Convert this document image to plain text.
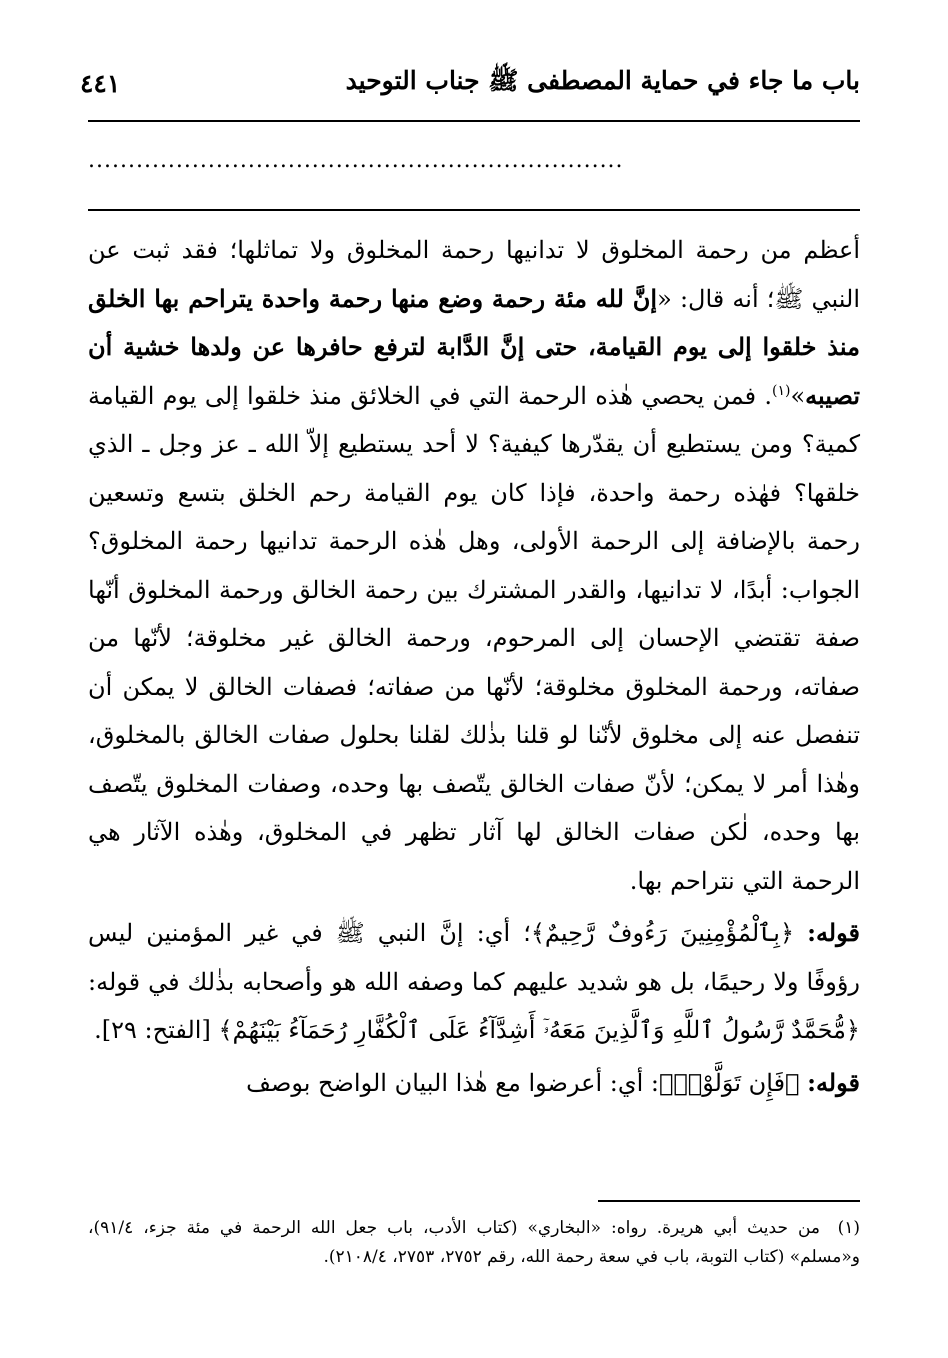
باب ما جاء في حماية المصطفى ﷺ جناب التوحيد
٤٤١
...................................................................

أعظم من رحمة المخلوق لا تدانيها رحمة المخلوق ولا تماثلها؛ فقد ثبت عن النبي ﷺ؛ أنه قال: «إنَّ لله مئة رحمة وضع منها رحمة واحدة يتراحم بها الخلق منذ خلقوا إلى يوم القيامة، حتى إنَّ الدَّابة لترفع حافرها عن ولدها خشية أن تصيبه»$^{(١)}$. فمن يحصي هٰذه الرحمة التي في الخلائق منذ خلقوا إلى يوم القيامة كمية؟ ومن يستطيع أن يقدّرها كيفية؟ لا أحد يستطيع إلاّ الله ـ عز وجل ـ الذي خلقها؟ فهٰذه رحمة واحدة، فإذا كان يوم القيامة رحم الخلق بتسع وتسعين رحمة بالإضافة إلى الرحمة الأولى، وهل هٰذه الرحمة تدانيها رحمة المخلوق؟ الجواب: أبدًا، لا تدانيها، والقدر المشترك بين رحمة الخالق ورحمة المخلوق أنّها صفة تقتضي الإحسان إلى المرحوم، ورحمة الخالق غير مخلوقة؛ لأنّها من صفاته، ورحمة المخلوق مخلوقة؛ لأنّها من صفاته؛ فصفات الخالق لا يمكن أن تنفصل عنه إلى مخلوق لأنّنا لو قلنا بذٰلك لقلنا بحلول صفات الخالق بالمخلوق، وهٰذا أمر لا يمكن؛ لأنّ صفات الخالق يتّصف بها وحده، وصفات المخلوق يتّصف بها وحده، لٰكن صفات الخالق لها آثار تظهر في المخلوق، وهٰذه الآثار هي الرحمة التي نتراحم بها.

قوله: ﴿بِٱلْمُؤْمِنِينَ رَءُوفٌ رَّحِيمٌ﴾؛ أي: إنَّ النبي ﷺ في غير المؤمنين ليس رؤوفًا ولا رحيمًا، بل هو شديد عليهم كما وصفه الله هو وأصحابه بذٰلك في قوله: ﴿مُّحَمَّدٌ رَّسُولُ ٱللَّهِ وَٱلَّذِينَ مَعَهُۥٓ أَشِدَّآءُ عَلَى ٱلْكُفَّارِ رُحَمَآءُ بَيْنَهُمْ﴾ [الفتح: ٢٩].

قوله: ﴿فَإِن تَوَلَّوْا۟﴾: أي: أعرضوا مع هٰذا البيان الواضح بوصف

(١)من حديث أبي هريرة. رواه: «البخاري» (كتاب الأدب، باب جعل الله الرحمة في مئة جزء، ٩١/٤)، و«مسلم» (كتاب التوبة، باب في سعة رحمة الله، رقم ٢٧٥٢، ٢٧٥٣، ٢١٠٨/٤).
